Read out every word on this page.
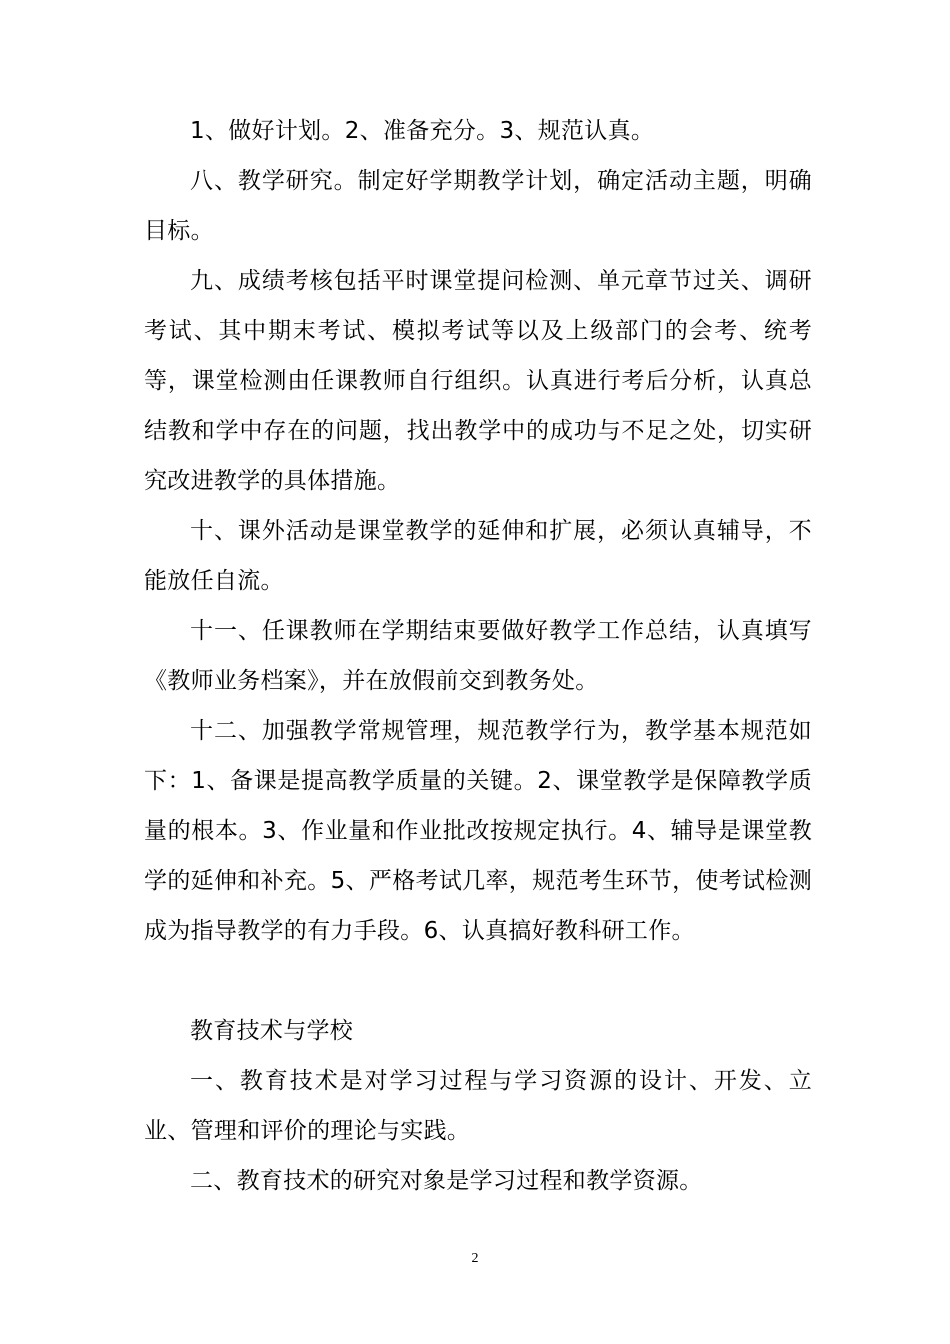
1、做好计划。2、准备充分。3、规范认真。

八、教学研究。制定好学期教学计划，确定活动主题，明确目标。

九、成绩考核包括平时课堂提问检测、单元章节过关、调研考试、其中期末考试、模拟考试等以及上级部门的会考、统考等，课堂检测由任课教师自行组织。认真进行考后分析，认真总结教和学中存在的问题，找出教学中的成功与不足之处，切实研究改进教学的具体措施。

十、课外活动是课堂教学的延伸和扩展，必须认真辅导，不能放任自流。

十一、任课教师在学期结束要做好教学工作总结，认真填写《教师业务档案》，并在放假前交到教务处。

十二、加强教学常规管理，规范教学行为，教学基本规范如下：1、备课是提高教学质量的关键。2、课堂教学是保障教学质量的根本。3、作业量和作业批改按规定执行。4、辅导是课堂教学的延伸和补充。5、严格考试几率，规范考生环节，使考试检测成为指导教学的有力手段。6、认真搞好教科研工作。

教育技术与学校

一、教育技术是对学习过程与学习资源的设计、开发、立业、管理和评价的理论与实践。

二、教育技术的研究对象是学习过程和教学资源。

2
